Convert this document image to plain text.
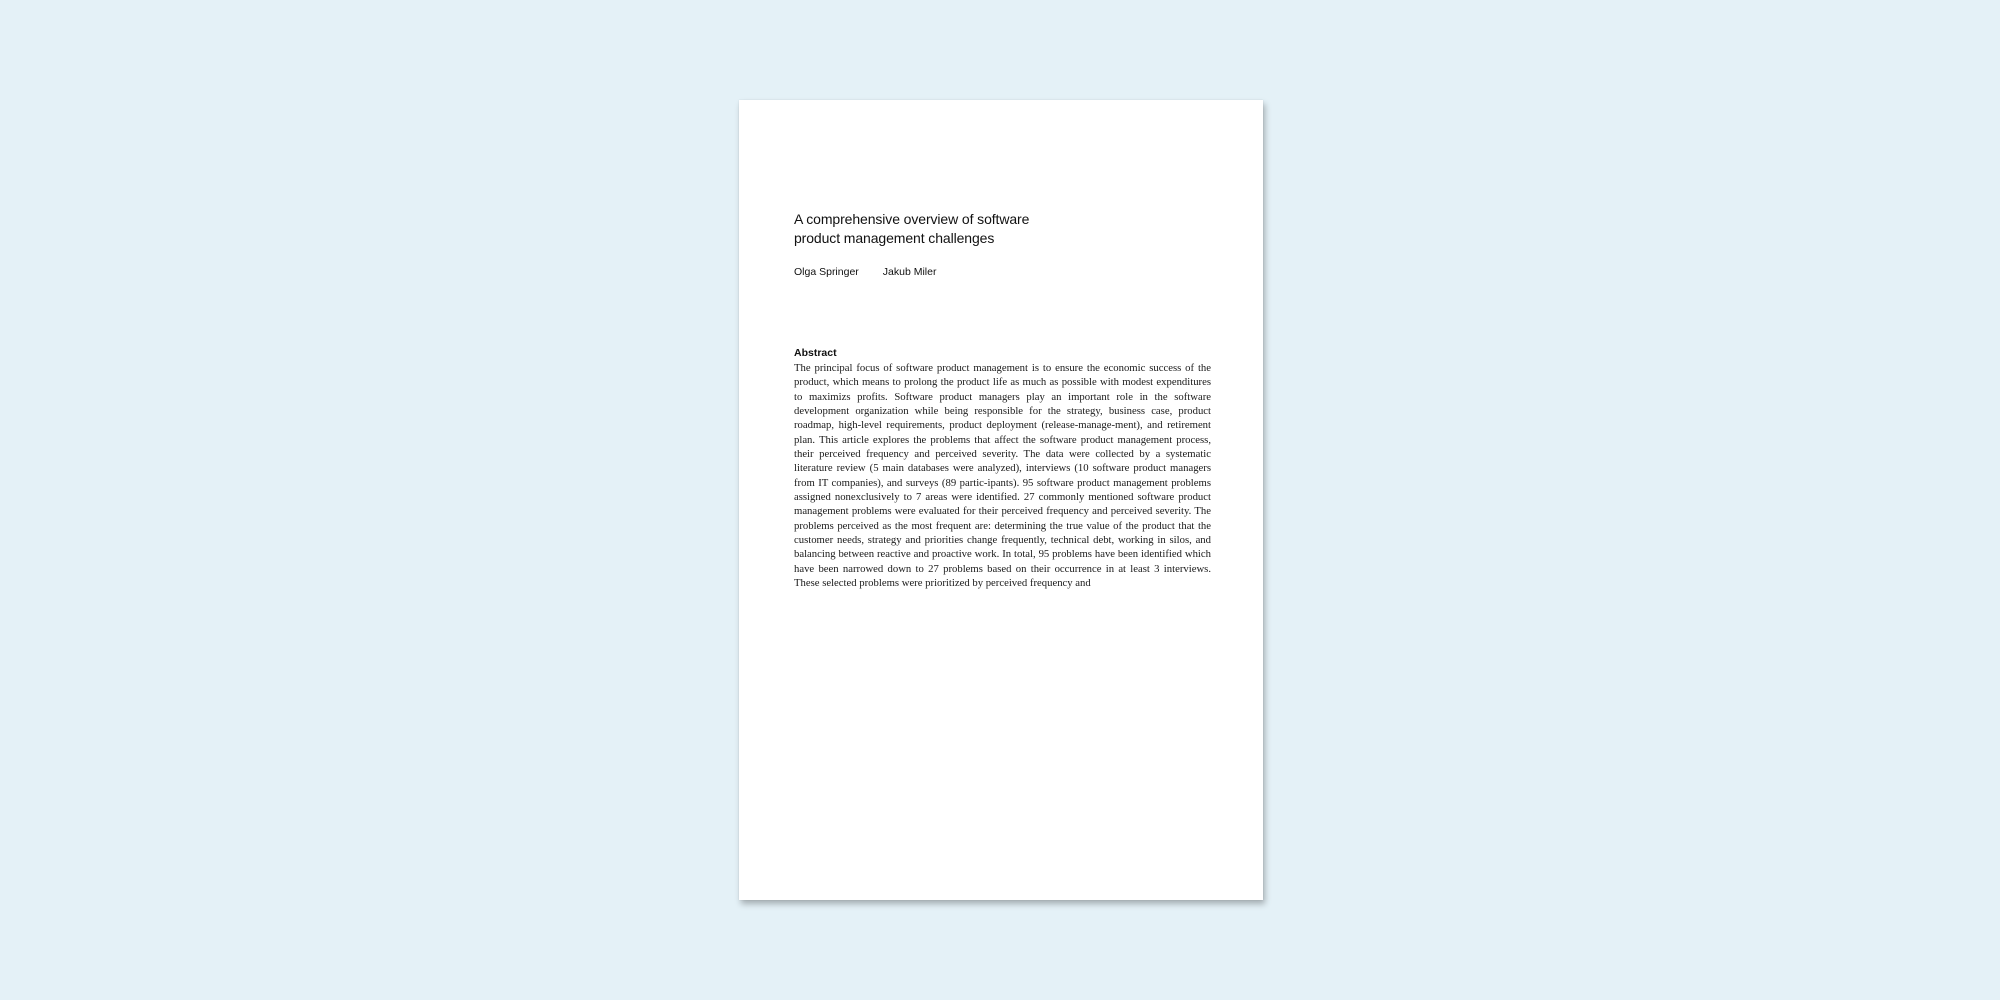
A comprehensive overview of software
product management challenges
Olga Springer Jakub Miler
Abstract

The principal focus of software product management is to ensure the economic success of the product, which means to prolong the product life as much as possible with modest expenditures to maximizs profits. Software product managers play an important role in the software development organization while being responsible for the strategy, business case, product roadmap, high-level requirements, product deployment (release-manage-ment), and retirement plan. This article explores the problems that affect the software product management process, their perceived frequency and perceived severity. The data were collected by a systematic literature review (5 main databases were analyzed), interviews (10 software product managers from IT companies), and surveys (89 partic-ipants). 95 software product management problems assigned nonexclusively to 7 areas were identified. 27 commonly mentioned software product management problems were evaluated for their perceived frequency and perceived severity. The problems perceived as the most frequent are: determining the true value of the product that the customer needs, strategy and priorities change frequently, technical debt, working in silos, and balancing between reactive and proactive work. In total, 95 problems have been identified which have been narrowed down to 27 problems based on their occurrence in at least 3 interviews. These selected problems were prioritized by perceived frequency and
